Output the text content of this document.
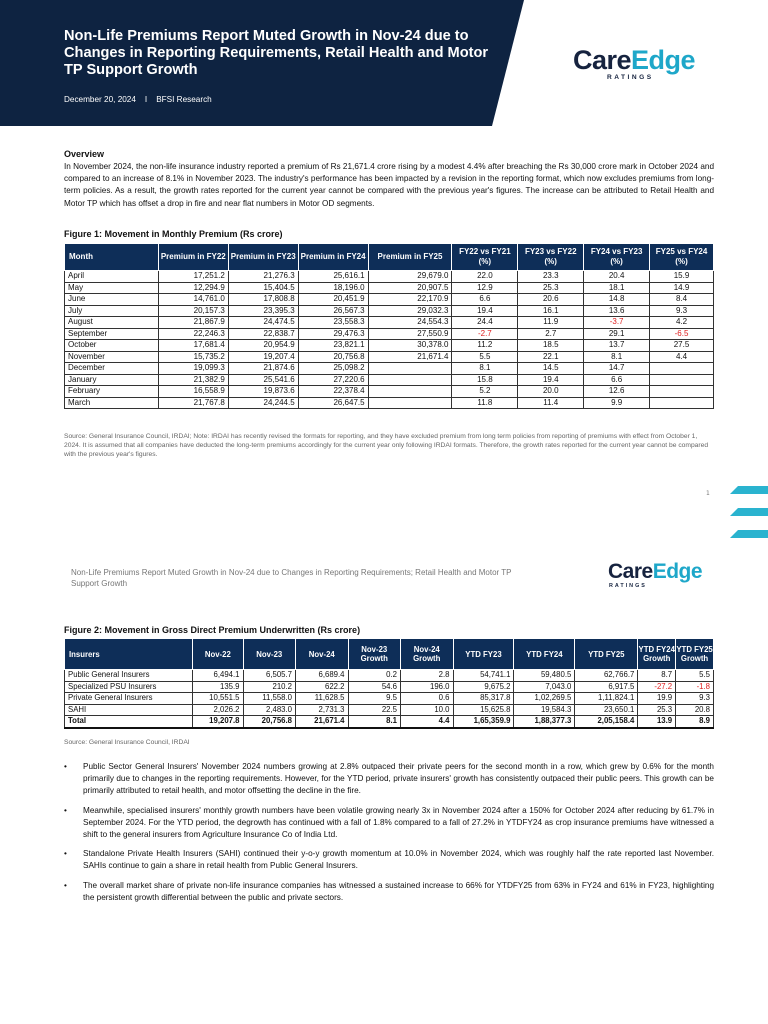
Non-Life Premiums Report Muted Growth in Nov-24 due to Changes in Reporting Requirements, Retail Health and Motor TP Support Growth
December 20, 2024 I BFSI Research
CareEdge
RATINGS
Overview

In November 2024, the non-life insurance industry reported a premium of Rs 21,671.4 crore rising by a modest 4.4% after breaching the Rs 30,000 crore mark in October 2024 and compared to an increase of 8.1% in November 2023. The industry's performance has been impacted by a revision in the reporting format, which now excludes premiums from long-term policies. As a result, the growth rates reported for the current year cannot be compared with the previous year's figures. The increase can be attributed to Retail Health and Motor TP which has offset a drop in fire and near flat numbers in Motor OD segments.

Figure 1: Movement in Monthly Premium (Rs crore)
Month	Premium in FY22	Premium in FY23	Premium in FY24	Premium in FY25	FY22 vs FY21 (%)	FY23 vs FY22 (%)	FY24 vs FY23 (%)	FY25 vs FY24 (%)
April	17,251.2	21,276.3	25,616.1	29,679.0	22.0	23.3	20.4	15.9
May	12,294.9	15,404.5	18,196.0	20,907.5	12.9	25.3	18.1	14.9
June	14,761.0	17,808.8	20,451.9	22,170.9	6.6	20.6	14.8	8.4
July	20,157.3	23,395.3	26,567.3	29,032.3	19.4	16.1	13.6	9.3
August	21,867.9	24,474.5	23,558.3	24,554.3	24.4	11.9	-3.7	4.2
September	22,246.3	22,838.7	29,476.3	27,550.9	-2.7	2.7	29.1	-6.5
October	17,681.4	20,954.9	23,821.1	30,378.0	11.2	18.5	13.7	27.5
November	15,735.2	19,207.4	20,756.8	21,671.4	5.5	22.1	8.1	4.4
December	19,099.3	21,874.6	25,098.2		8.1	14.5	14.7	
January	21,382.9	25,541.6	27,220.6		15.8	19.4	6.6	
February	16,558.9	19,873.6	22,378.4		5.2	20.0	12.6	
March	21,767.8	24,244.5	26,647.5		11.8	11.4	9.9	
Source: General Insurance Council, IRDAI; Note: IRDAI has recently revised the formats for reporting, and they have excluded premium from long term policies from reporting of premiums with effect from October 1, 2024. It is assumed that all companies have deducted the long-term premiums accordingly for the current year only following IRDAI formats. Therefore, the growth rates reported for the current year cannot be compared with the previous year's figures.
1
Non-Life Premiums Report Muted Growth in Nov-24 due to Changes in Reporting Requirements; Retail Health and Motor TP Support Growth
CareEdge
RATINGS
Figure 2: Movement in Gross Direct Premium Underwritten (Rs crore)
Insurers	Nov-22	Nov-23	Nov-24	Nov-23 Growth	Nov-24 Growth	YTD FY23	YTD FY24	YTD FY25	YTD FY24 Growth	YTD FY25 Growth
Public General Insurers	6,494.1	6,505.7	6,689.4	0.2	2.8	54,741.1	59,480.5	62,766.7	8.7	5.5
Specialized PSU Insurers	135.9	210.2	622.2	54.6	196.0	9,675.2	7,043.0	6,917.5	-27.2	-1.8
Private General Insurers	10,551.5	11,558.0	11,628.5	9.5	0.6	85,317.8	1,02,269.5	1,11,824.1	19.9	9.3
SAHI	2,026.2	2,483.0	2,731.3	22.5	10.0	15,625.8	19,584.3	23,650.1	25.3	20.8
Total	19,207.8	20,756.8	21,671.4	8.1	4.4	1,65,359.9	1,88,377.3	2,05,158.4	13.9	8.9
Source: General Insurance Council, IRDAI
• Public Sector General Insurers' November 2024 numbers growing at 2.8% outpaced their private peers for the second month in a row, which grew by 0.6% for the month primarily due to changes in the reporting requirements. However, for the YTD period, private insurers' growth has consistently outpaced their public peers. This growth can be primarily attributed to retail health, and motor offsetting the decline in the fire.
• Meanwhile, specialised insurers' monthly growth numbers have been volatile growing nearly 3x in November 2024 after a 150% for October 2024 after reducing by 61.7% in September 2024. For the YTD period, the degrowth has continued with a fall of 1.8% compared to a fall of 27.2% in YTDFY24 as crop insurance premiums have witnessed a shift to the general insurers from Agriculture Insurance Co of India Ltd.
• Standalone Private Health Insurers (SAHI) continued their y-o-y growth momentum at 10.0% in November 2024, which was roughly half the rate reported last November. SAHIs continue to gain a share in retail health from Public General Insurers.
• The overall market share of private non-life insurance companies has witnessed a sustained increase to 66% for YTDFY25 from 63% in FY24 and 61% in FY23, highlighting the persistent growth differential between the public and private sectors.
